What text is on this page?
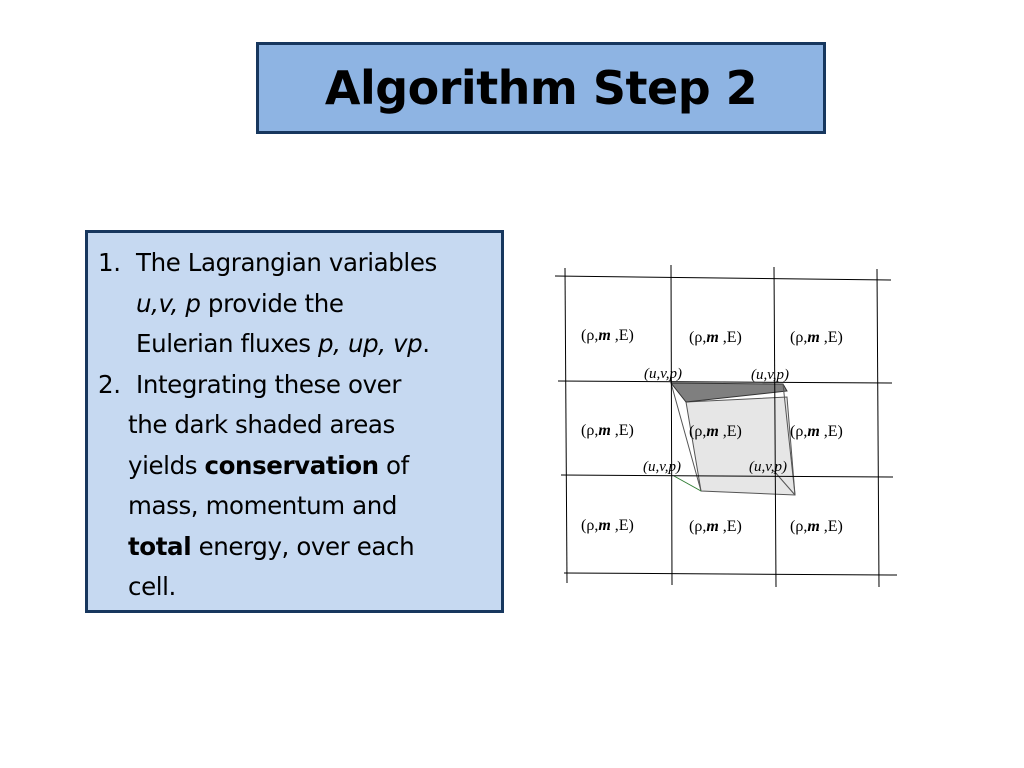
Algorithm Step 2
1. The Lagrangian variables
u,v, p provide the
Eulerian fluxes p, up, vp.
2. Integrating these over
the dark shaded areas
yields conservation of
mass, momentum and
total energy, over each
cell.
(ρ,m ,E)	(ρ,m ,E)	(ρ,m ,E)
(ρ,m ,E)	(ρ,m ,E)	(ρ,m ,E)
(ρ,m ,E)	(ρ,m ,E)	(ρ,m ,E)
(u,v,p)	(u,v,p)
(u,v,p)	(u,v,p)
